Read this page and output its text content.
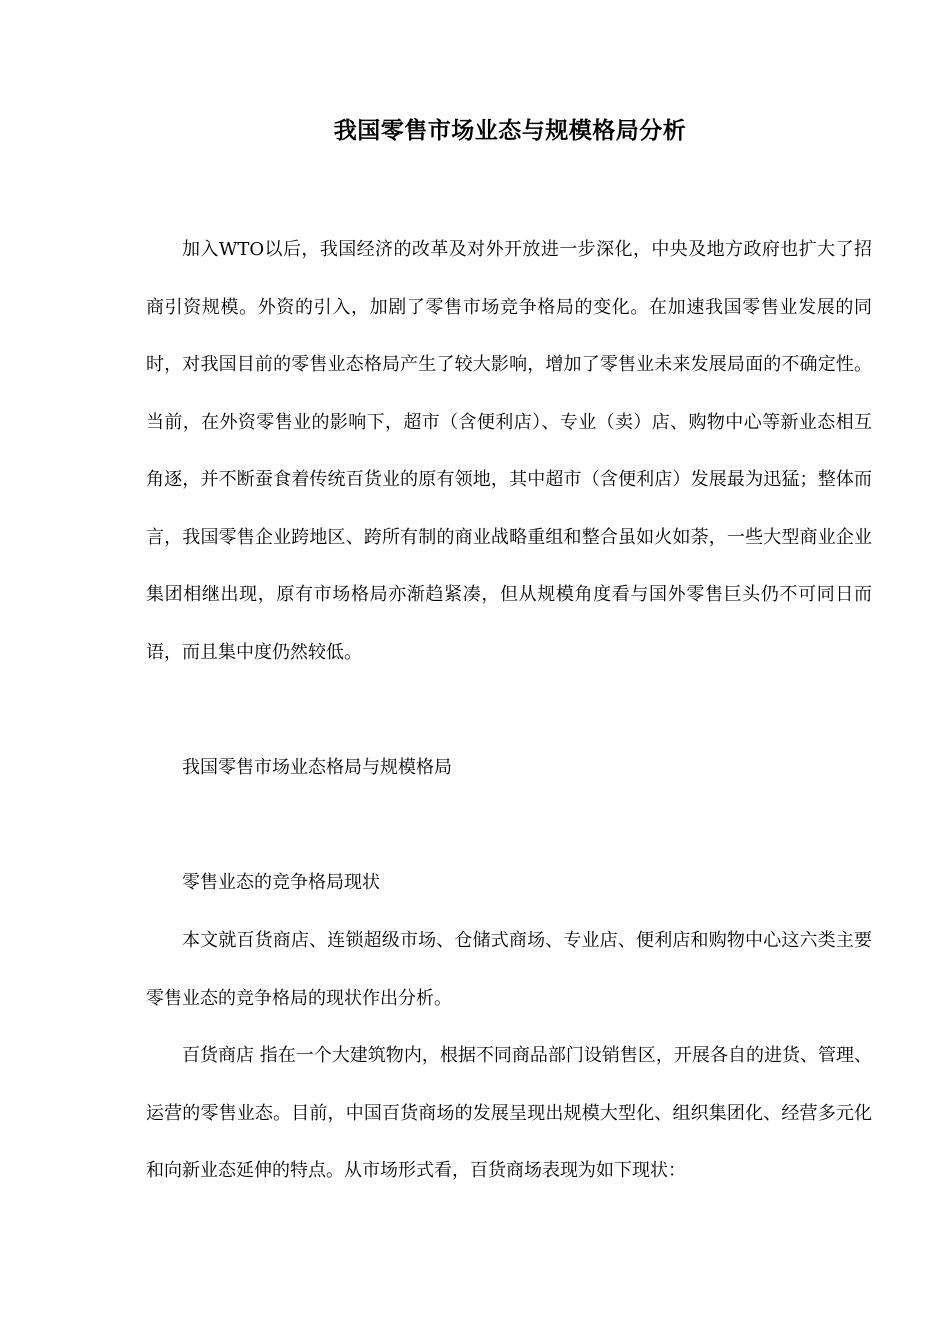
我国零售市场业态与规模格局分析

加入WTO以后，我国经济的改革及对外开放进一步深化，中央及地方政府也扩大了招商引资规模。外资的引入，加剧了零售市场竞争格局的变化。在加速我国零售业发展的同时，对我国目前的零售业态格局产生了较大影响，增加了零售业未来发展局面的不确定性。当前，在外资零售业的影响下，超市（含便利店）、专业（卖）店、购物中心等新业态相互角逐，并不断蚕食着传统百货业的原有领地，其中超市（含便利店）发展最为迅猛；整体而言，我国零售企业跨地区、跨所有制的商业战略重组和整合虽如火如荼，一些大型商业企业集团相继出现，原有市场格局亦渐趋紧凑，但从规模角度看与国外零售巨头仍不可同日而语，而且集中度仍然较低。

我国零售市场业态格局与规模格局

零售业态的竞争格局现状

本文就百货商店、连锁超级市场、仓储式商场、专业店、便利店和购物中心这六类主要零售业态的竞争格局的现状作出分析。

百货商店 指在一个大建筑物内，根据不同商品部门设销售区，开展各自的进货、管理、运营的零售业态。目前，中国百货商场的发展呈现出规模大型化、组织集团化、经营多元化和向新业态延伸的特点。从市场形式看，百货商场表现为如下现状：
